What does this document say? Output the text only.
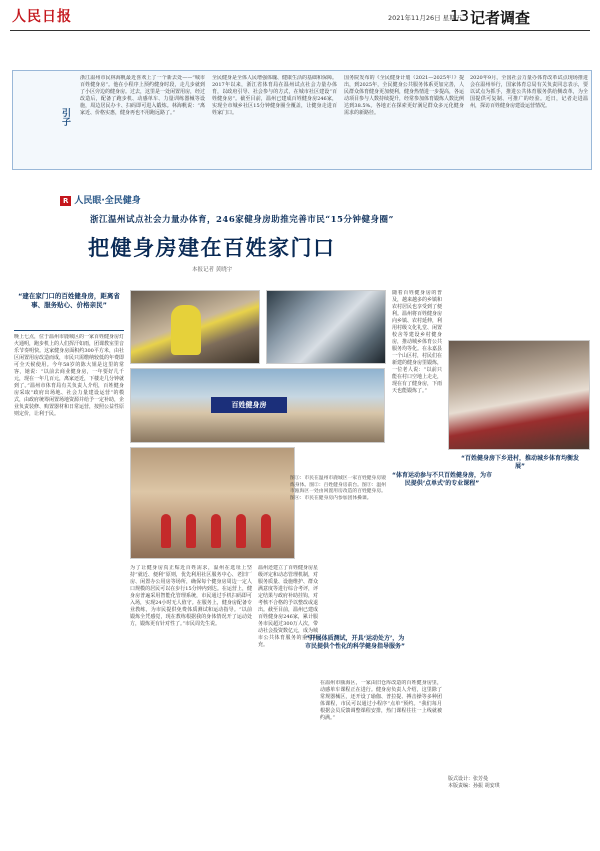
人民日报	2021年11月26日 星期五
13 记者调查
引子
浙江温州市民林海帆最近喜欢上了一个新去处——“城市百姓健身房”。他在小程序上预约健身时段，走几步就到了小区旁边的健身房。过去，这里是一处闲置用房，经过改造后，配备了跑步机、动感单车、力量训练器械等设施，周边居民办卡、扫码即可进入锻炼。林海帆说：“离家近、价格实惠，健身再也不用跑远路了。”
全民健身是全体人民增强体魄、健康生活的基础和保障。2017年以来，浙江省体育局在温州试点社会力量办体育，以政府引导、社会参与的方式，在城市社区建设“百姓健身房”。截至目前，温州已建成百姓健身房246家，实现全市城乡社区15分钟健身圈全覆盖，让健身走进百姓家门口。
国务院发布的《全民健身计划（2021—2025年）》提出，到2025年，全民健身公共服务体系更加完善，人民群众体育健身更加便利，健身热情进一步提高，各运动项目参与人数持续提升，经常参加体育锻炼人数比例达到38.5%。各地正在探索更好满足群众多元化健身需求的新路径。
2020年9月，全国社会力量办体育改革试点现场推进会在温州举行，国家体育总局有关负责同志表示，要以试点为抓手，推进公共体育服务供给侧改革，为全国提供可复制、可推广的经验。近日，记者走进温州，探访百姓健身房建设运营情况。
R 人民眼·全民健身
浙江温州试点社会力量办体育，246家健身房助推完善市民“15分钟健身圈”
把健身房建在百姓家门口
本报记者 黄晓宇
“建在家门口的百姓健身房，距离省事、服务贴心、价格亲民”
晚上七点，位于温州市鹿城区的一家百姓健身房灯火通明，跑步机上的人们挥汗如雨，团课教室里音乐节奏明快。这家健身房面积约300平方米，由社区闲置用房改造而成，市民只需缴纳较低的年费即可全天候使用。今年58岁的陈大姐是这里的常客，她说：“以前去商业健身房，一年要好几千元，现在一年几百元，离家还近，下楼走几分钟就到了。”温州市体育局有关负责人介绍，百姓健身房采取“政府出场地、社会力量建设运营”的模式，由政府统筹闲置场地资源并给予一定补助，企业负责装修、购置器材和日常运营，按照公益性原则定价，让利于民。
百姓健身房
图①：市民在温州市鹿城区一家百姓健身房锻炼身体。图②：百姓健身房前台。图③：温州市瓯海区一处由闲置用房改造的百姓健身房。图④：市民在健身房内参加团体操课。
为了让健身房真正贴近百姓需求，温州在选址上坚持“就近、便利”原则，优先利用社区服务中心、老旧厂房、闲置办公用房等场所，确保每个健身房周边一定人口规模的居民可以在步行15分钟内到达。在运营上，健身房普遍采用智能化管理系统，市民通过手机扫码即可入场，实现24小时无人值守。在服务上，健身房配备专业教练，为市民提供免费体质测试和运动指导。“以前锻炼全凭感觉，现在教练根据我的身体情况开了运动处方，锻炼更有针对性了。”市民周先生说。
温州还建立了百姓健身房星级评定和动态管理机制，对服务质量、设施维护、群众满意度等进行综合考评，评定结果与政府补助挂钩，对考核不合格的予以整改或退出。截至目前，温州已建成百姓健身房246家，累计服务市民超过300万人次，带动社会投资数亿元，成为城市公共体育服务的重要补充。
“开展体质测试，开具‘运动处方’，为市民提供个性化的科学健身指导服务”
在温州市瓯海区，一家由旧仓库改造的百姓健身房里，动感单车课程正在进行。健身房负责人介绍，这里除了常规器械区，还开设了瑜伽、普拉提、搏击操等多种团体课程，市民可以通过小程序“点单”预约。“我们每月根据会员反馈调整课程安排，热门课程往往一上线就被约满。”
随着百姓健身房的普及，越来越多的乡镇和农村居民也享受到了便利。温州将百姓健身房向乡镇、农村延伸，利用村级文化礼堂、闲置校舍等建设乡村健身房，推动城乡体育公共服务均等化。在永嘉县一个山区村，村民们在新建的健身房里锻炼，一位老人说：“以前只能在村口空地上走走，现在有了健身房，下雨天也能锻炼了。”
“体育运动参与不只百姓健身房，为市民提供‘点单式’的专业课程”
“百姓健身房下乡进村，推动城乡体育均衡发展”
版式设计：张芳曼
本版责编：孙振 胡安琪
